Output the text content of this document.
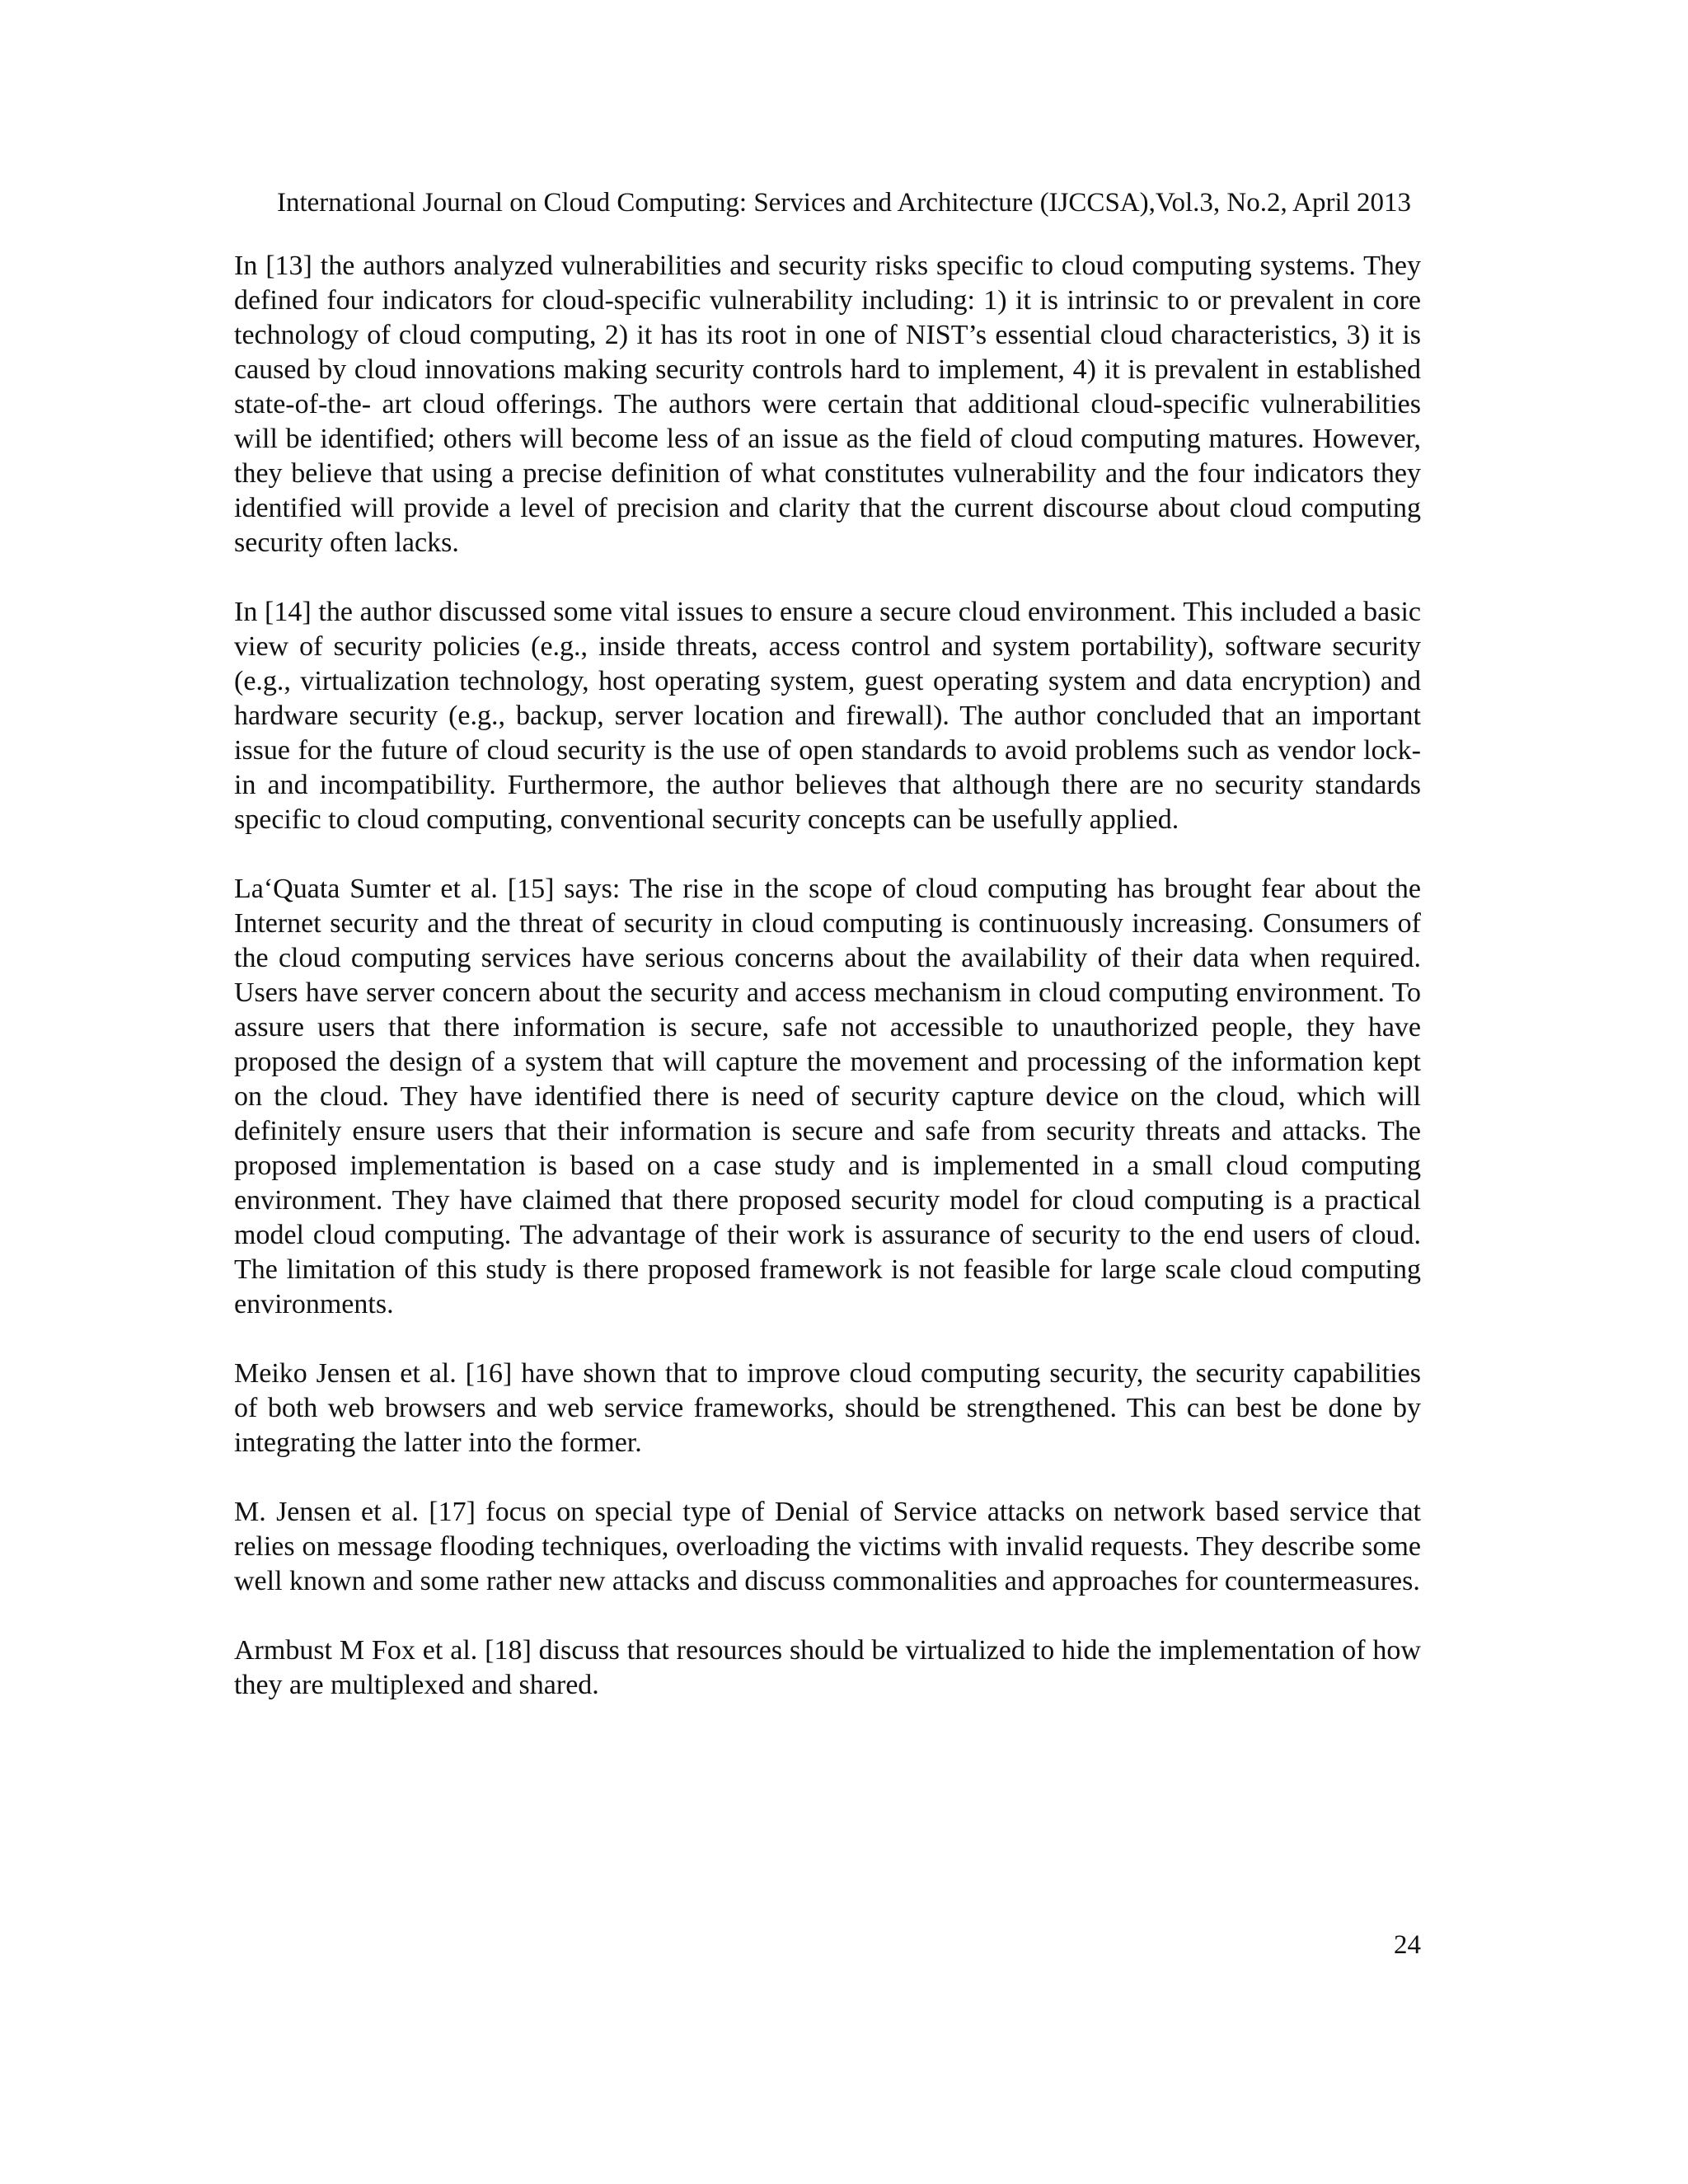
International Journal on Cloud Computing: Services and Architecture (IJCCSA),Vol.3, No.2, April 2013

In [13] the authors analyzed vulnerabilities and security risks specific to cloud computing systems. They defined four indicators for cloud-specific vulnerability including: 1) it is intrinsic to or prevalent in core technology of cloud computing, 2) it has its root in one of NIST’s essential cloud characteristics, 3) it is caused by cloud innovations making security controls hard to implement, 4) it is prevalent in established state-of-the- art cloud offerings. The authors were certain that additional cloud-specific vulnerabilities will be identified; others will become less of an issue as the field of cloud computing matures. However, they believe that using a precise definition of what constitutes vulnerability and the four indicators they identified will provide a level of precision and clarity that the current discourse about cloud computing security often lacks.

In [14] the author discussed some vital issues to ensure a secure cloud environment. This included a basic view of security policies (e.g., inside threats, access control and system portability), software security (e.g., virtualization technology, host operating system, guest operating system and data encryption) and hardware security (e.g., backup, server location and firewall). The author concluded that an important issue for the future of cloud security is the use of open standards to avoid problems such as vendor lock-in and incompatibility. Furthermore, the author believes that although there are no security standards specific to cloud computing, conventional security concepts can be usefully applied.

La‘Quata Sumter et al. [15] says: The rise in the scope of cloud computing has brought fear about the Internet security and the threat of security in cloud computing is continuously increasing. Consumers of the cloud computing services have serious concerns about the availability of their data when required. Users have server concern about the security and access mechanism in cloud computing environment. To assure users that there information is secure, safe not accessible to unauthorized people, they have proposed the design of a system that will capture the movement and processing of the information kept on the cloud. They have identified there is need of security capture device on the cloud, which will definitely ensure users that their information is secure and safe from security threats and attacks. The proposed implementation is based on a case study and is implemented in a small cloud computing environment. They have claimed that there proposed security model for cloud computing is a practical model cloud computing. The advantage of their work is assurance of security to the end users of cloud. The limitation of this study is there proposed framework is not feasible for large scale cloud computing environments.

Meiko Jensen et al. [16] have shown that to improve cloud computing security, the security capabilities of both web browsers and web service frameworks, should be strengthened. This can best be done by integrating the latter into the former.

M. Jensen et al. [17] focus on special type of Denial of Service attacks on network based service that relies on message flooding techniques, overloading the victims with invalid requests. They describe some well known and some rather new attacks and discuss commonalities and approaches for countermeasures.

Armbust M Fox et al. [18] discuss that resources should be virtualized to hide the implementation of how they are multiplexed and shared.

24
